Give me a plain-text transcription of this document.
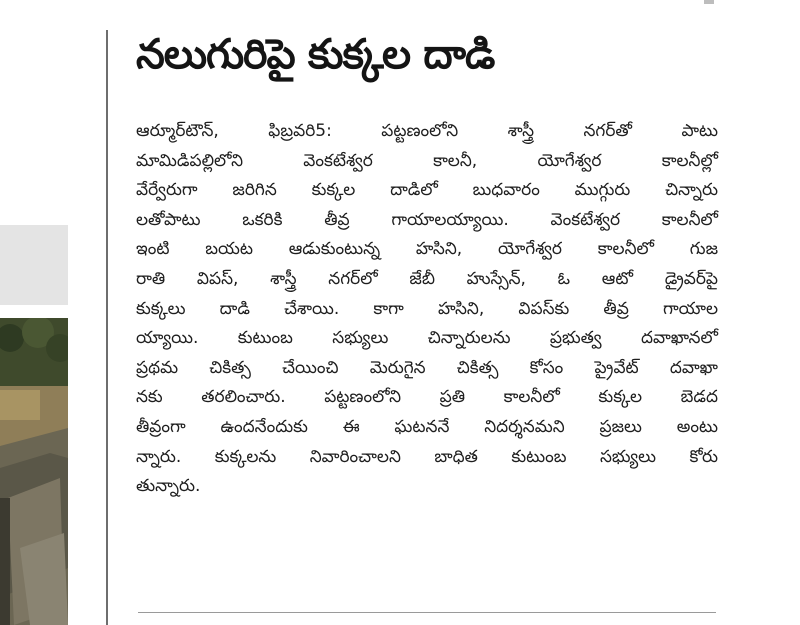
నలుగురిపై కుక్కల దాడి
ఆర్మూర్‌టౌన్, ఫిబ్రవరి5: పట్టణంలోని శాస్త్రీ నగర్‌తో పాటు
మామిడిపల్లిలోని వెంకటేశ్వర కాలనీ, యోగేశ్వర కాలనీల్లో
వేర్వేరుగా జరిగిన కుక్కల దాడిలో బుధవారం ముగ్గురు చిన్నారు
లతోపాటు ఒకరికి తీవ్ర గాయాలయ్యాయి. వెంకటేశ్వర కాలనీలో
ఇంటి బయట ఆడుకుంటున్న హసిని, యోగేశ్వర కాలనీలో గుజ
రాతి విపస్, శాస్త్రీ నగర్‌లో జేబీ హుస్సేన్, ఓ ఆటో డ్రైవర్‌పై
కుక్కలు దాడి చేశాయి. కాగా హసిని, విపస్‌కు తీవ్ర గాయాల
య్యాయి. కుటుంబ సభ్యులు చిన్నారులను ప్రభుత్వ దవాఖానలో
ప్రథమ చికిత్స చేయించి మెరుగైన చికిత్స కోసం ప్రైవేట్ దవాఖా
నకు తరలించారు. పట్టణంలోని ప్రతి కాలనీలో కుక్కల బెడద
తీవ్రంగా ఉందనేందుకు ఈ ఘటననే నిదర్శనమని ప్రజలు అంటు
న్నారు. కుక్కలను నివారించాలని బాధిత కుటుంబ సభ్యులు కోరు
తున్నారు.
